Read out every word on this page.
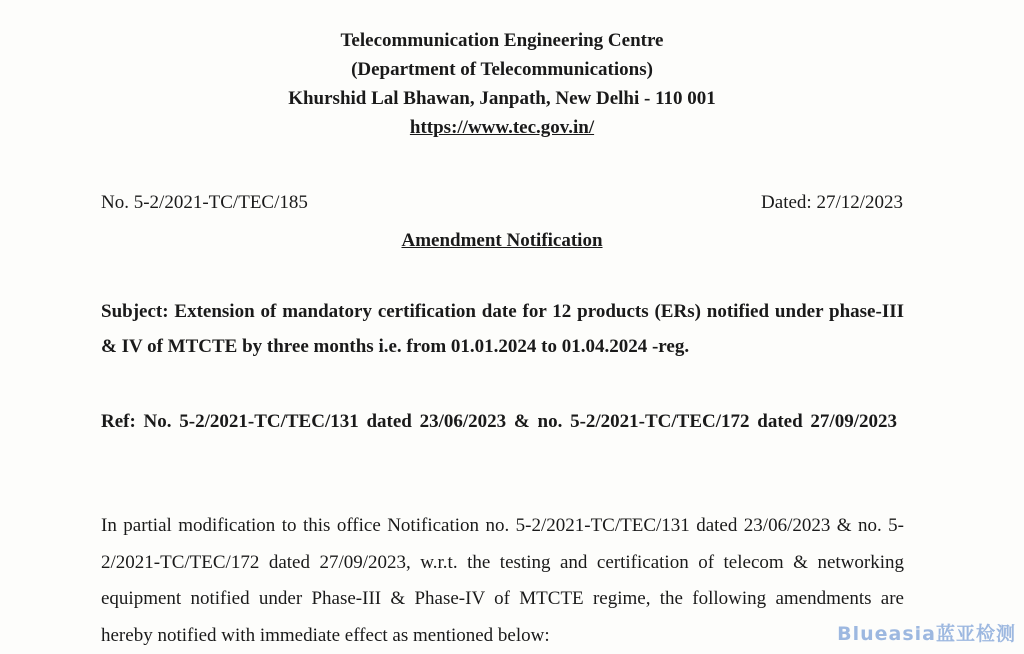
Telecommunication Engineering Centre
(Department of Telecommunications)
Khurshid Lal Bhawan, Janpath, New Delhi - 110 001
https://www.tec.gov.in/
No. 5-2/2021-TC/TEC/185	Dated: 27/12/2023
Amendment Notification
Subject: Extension of mandatory certification date for 12 products (ERs) notified under phase-III & IV of MTCTE by three months i.e. from 01.01.2024 to 01.04.2024 -reg.
Ref: No. 5-2/2021-TC/TEC/131 dated 23/06/2023 & no. 5-2/2021-TC/TEC/172 dated 27/09/2023
In partial modification to this office Notification no. 5-2/2021-TC/TEC/131 dated 23/06/2023 & no. 5-2/2021-TC/TEC/172 dated 27/09/2023, w.r.t. the testing and certification of telecom & networking equipment notified under Phase-III & Phase-IV of MTCTE regime, the following amendments are hereby notified with immediate effect as mentioned below:	Blueasia蓝亚检测
